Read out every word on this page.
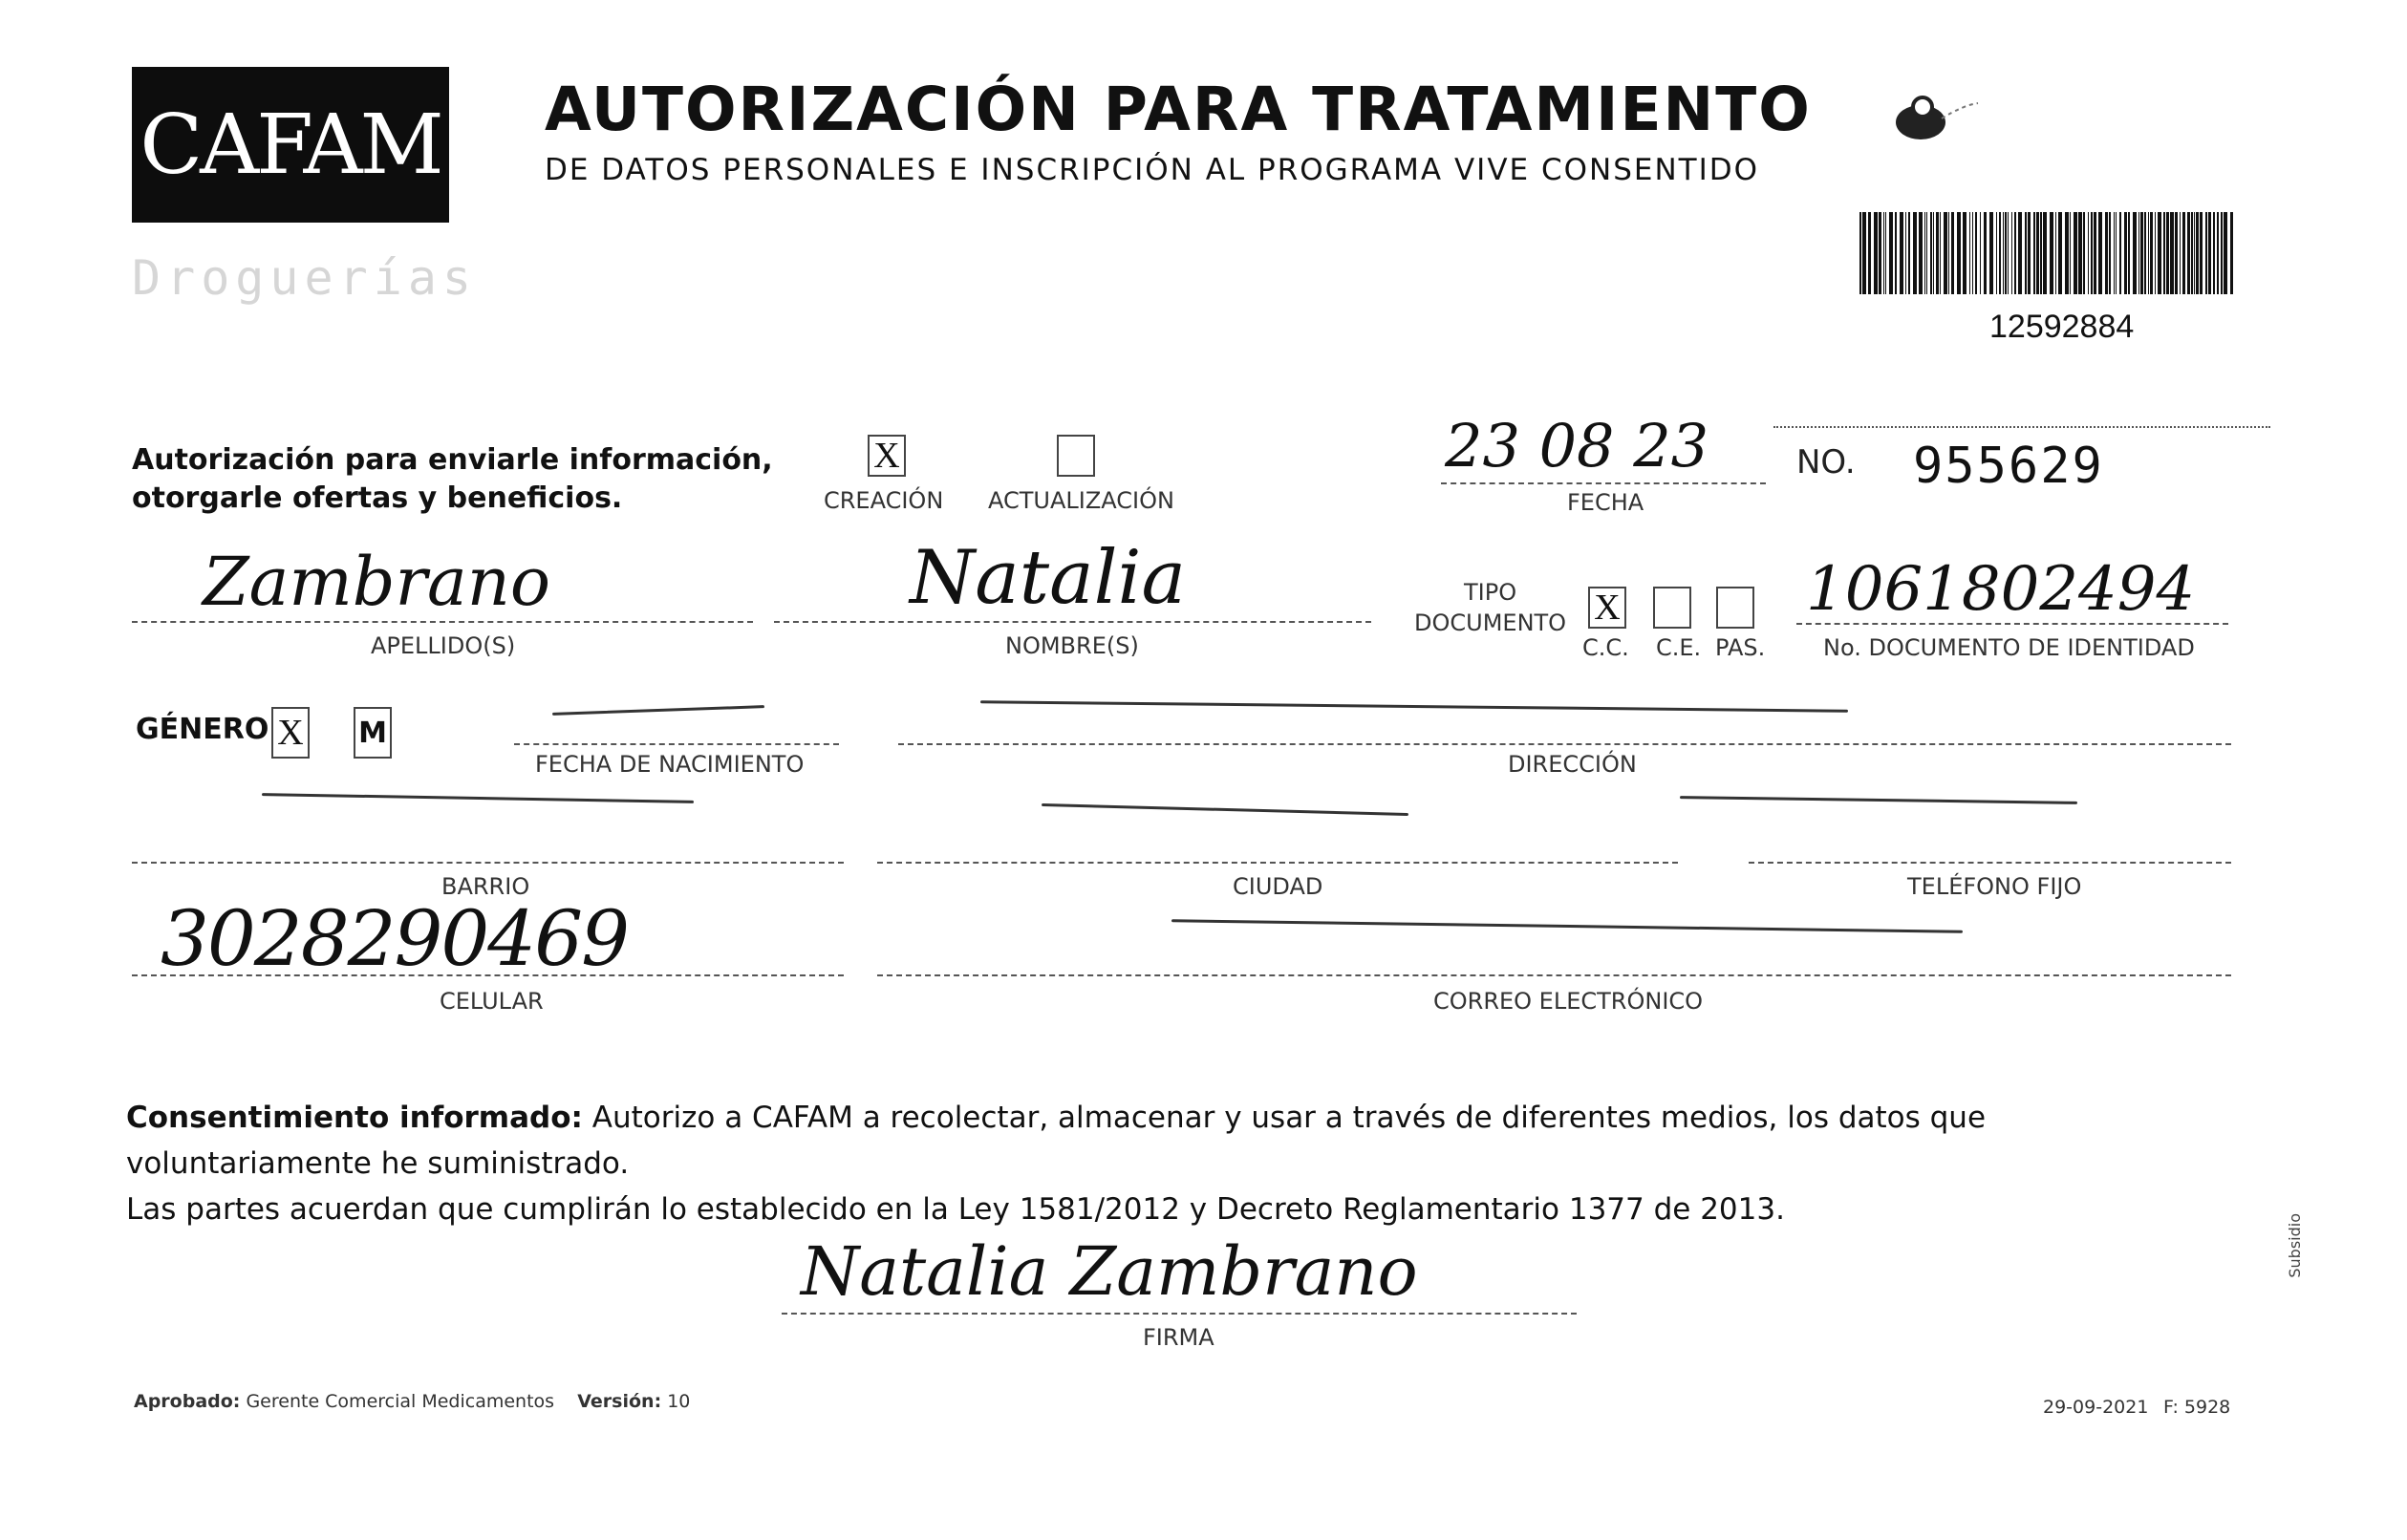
CAFAM
Droguerías
AUTORIZACIÓN PARA TRATAMIENTO
DE DATOS PERSONALES E INSCRIPCIÓN AL PROGRAMA VIVE CONSENTIDO
12592884
Autorización para enviarle información,
otorgarle ofertas y beneficios.
X
CREACIÓN ACTUALIZACIÓN
23 08 23
FECHA
NO. 955629
Zambrano
APELLIDO(S)
Natalia
NOMBRE(S)
TIPO
DOCUMENTO X
C.C. C.E. PAS.
1061802494
No. DOCUMENTO DE IDENTIDAD
GÉNERO X M
FECHA DE NACIMIENTO	DIRECCIÓN
BARRIO	CIUDAD	TELÉFONO FIJO
3028290469
CELULAR	CORREO ELECTRÓNICO
Consentimiento informado: Autorizo a CAFAM a recolectar, almacenar y usar a través de diferentes medios, los datos que voluntariamente he suministrado.
Las partes acuerdan que cumplirán lo establecido en la Ley 1581/2012 y Decreto Reglamentario 1377 de 2013.
Natalia Zambrano
FIRMA
Aprobado: Gerente Comercial Medicamentos Versión: 10	29-09-2021 F: 5928
Subsidio
